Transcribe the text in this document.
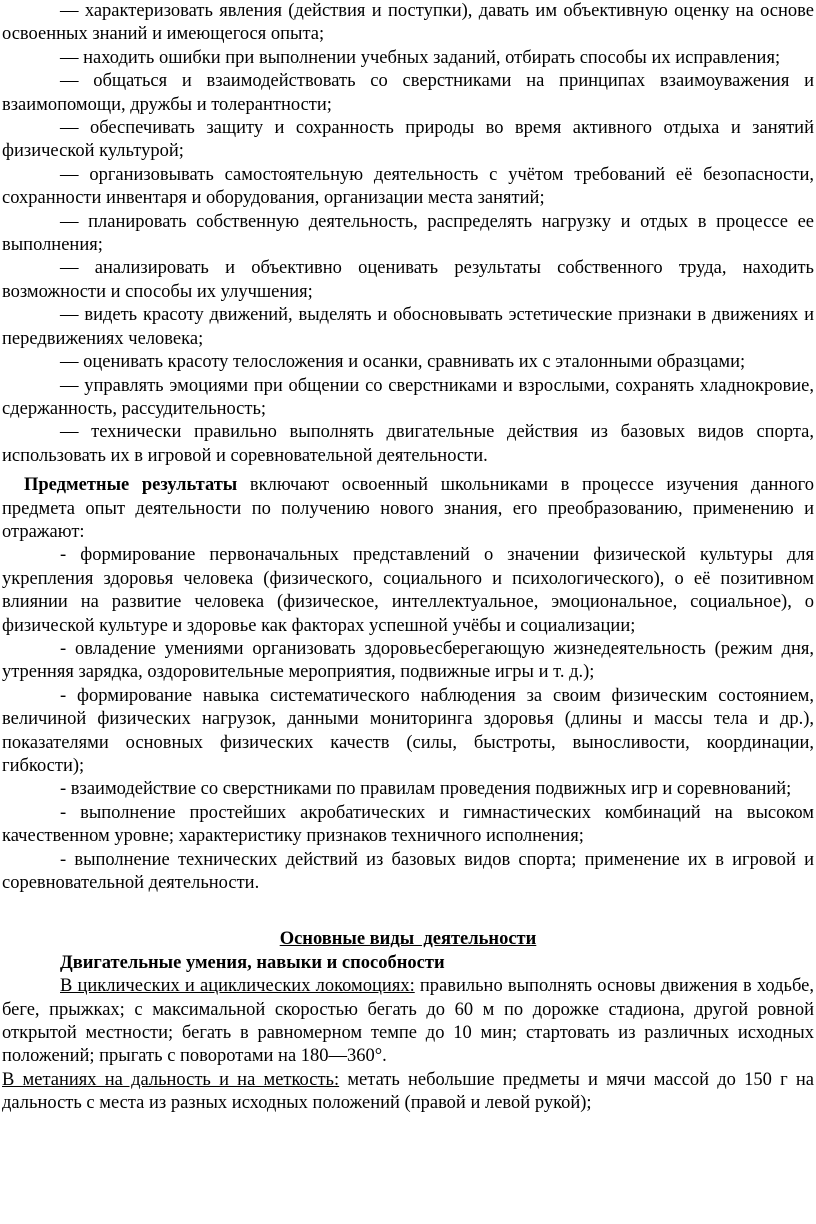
— характеризовать явления (действия и поступки), давать им объективную оценку на основе освоенных знаний и имеющегося опыта;

— находить ошибки при выполнении учебных заданий, отбирать способы их исправления;

— общаться и взаимодействовать со сверстниками на принципах взаимоуважения и взаимопомощи, дружбы и толерантности;

— обеспечивать защиту и сохранность природы во время активного отдыха и занятий физической культурой;

— организовывать самостоятельную деятельность с учётом требований её безопасности, сохранности инвентаря и оборудования, организации места занятий;

— планировать собственную деятельность, распределять нагрузку и отдых в процессе ее выполнения;

— анализировать и объективно оценивать результаты собственного труда, находить возможности и способы их улучшения;

— видеть красоту движений, выделять и обосновывать эстетические признаки в движениях и передвижениях человека;

— оценивать красоту телосложения и осанки, сравнивать их с эталонными образцами;

— управлять эмоциями при общении со сверстниками и взрослыми, сохранять хладнокровие, сдержанность, рассудительность;

— технически правильно выполнять двигательные действия из базовых видов спорта, использовать их в игровой и соревновательной деятельности.

Предметные результаты включают освоенный школьниками в процессе изучения данного предмета опыт деятельности по получению нового знания, его преобразованию, применению и отражают:

- формирование первоначальных представлений о значении физической культуры для укрепления здоровья человека (физического, социального и психологического), о её позитивном влиянии на развитие человека (физическое, интеллектуальное, эмоциональное, социальное), о физической культуре и здоровье как факторах успешной учёбы и социализации;

- овладение умениями организовать здоровьесберегающую жизнедеятельность (режим дня, утренняя зарядка, оздоровительные мероприятия, подвижные игры и т. д.);

- формирование навыка систематического наблюдения за своим физическим состоянием, величиной физических нагрузок, данными мониторинга здоровья (длины и массы тела и др.), показателями основных физических качеств (силы, быстроты, выносливости, координации, гибкости);

- взаимодействие со сверстниками по правилам проведения подвижных игр и соревнований;

- выполнение простейших акробатических и гимнастических комбинаций на высоком качественном уровне; характеристику признаков техничного исполнения;

- выполнение технических действий из базовых видов спорта; применение их в игровой и соревновательной деятельности.

Основные виды  деятельности

Двигательные умения, навыки и способности

В циклических и ациклических локомоциях: правильно выполнять основы движения в ходьбе, беге, прыжках; с максимальной скоростью бегать до 60 м по дорожке стадиона, другой ровной открытой местности; бегать в равномерном темпе до 10 мин; стартовать из различных исходных положений; прыгать с поворотами на 180—360°.

В метаниях на дальность и на меткость: метать небольшие предметы и мячи массой до 150 г на дальность с места из разных исходных положений (правой и левой рукой);
